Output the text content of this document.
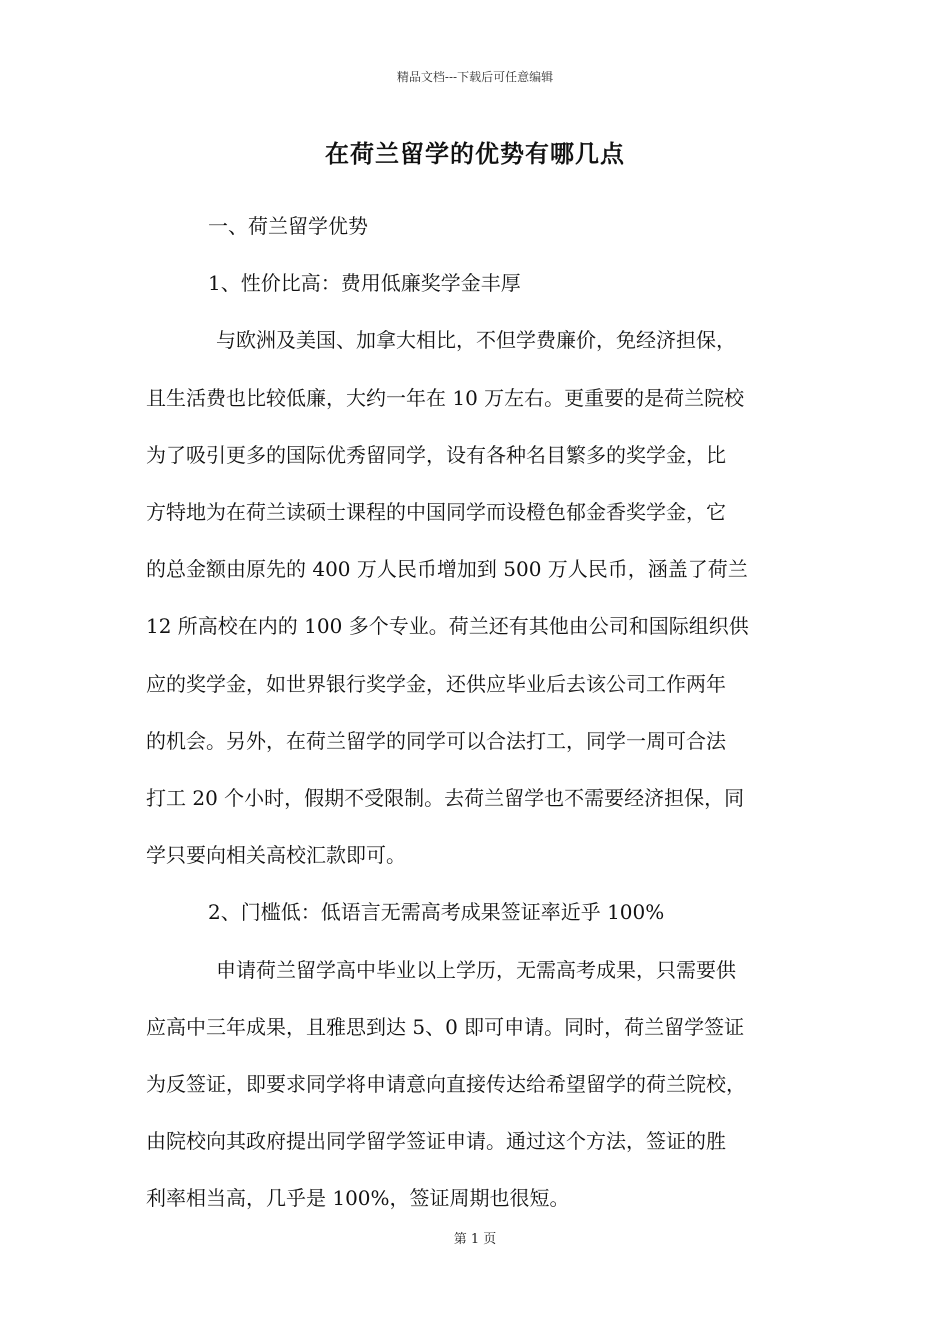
精品文档---下载后可任意编辑
在荷兰留学的优势有哪几点

一、荷兰留学优势

1、性价比高：费用低廉奖学金丰厚

与欧洲及美国、加拿大相比，不但学费廉价，免经济担保，
且生活费也比较低廉，大约一年在 10 万左右。更重要的是荷兰院校
为了吸引更多的国际优秀留同学，设有各种名目繁多的奖学金，比
方特地为在荷兰读硕士课程的中国同学而设橙色郁金香奖学金，它
的总金额由原先的 400 万人民币增加到 500 万人民币，涵盖了荷兰
12 所高校在内的 100 多个专业。荷兰还有其他由公司和国际组织供
应的奖学金，如世界银行奖学金，还供应毕业后去该公司工作两年
的机会。另外，在荷兰留学的同学可以合法打工，同学一周可合法
打工 20 个小时，假期不受限制。去荷兰留学也不需要经济担保，同
学只要向相关高校汇款即可。

2、门槛低：低语言无需高考成果签证率近乎 100%

申请荷兰留学高中毕业以上学历，无需高考成果，只需要供
应高中三年成果，且雅思到达 5、0 即可申请。同时，荷兰留学签证
为反签证，即要求同学将申请意向直接传达给希望留学的荷兰院校，
由院校向其政府提出同学留学签证申请。通过这个方法，签证的胜
利率相当高，几乎是 100%，签证周期也很短。

第 1 页
